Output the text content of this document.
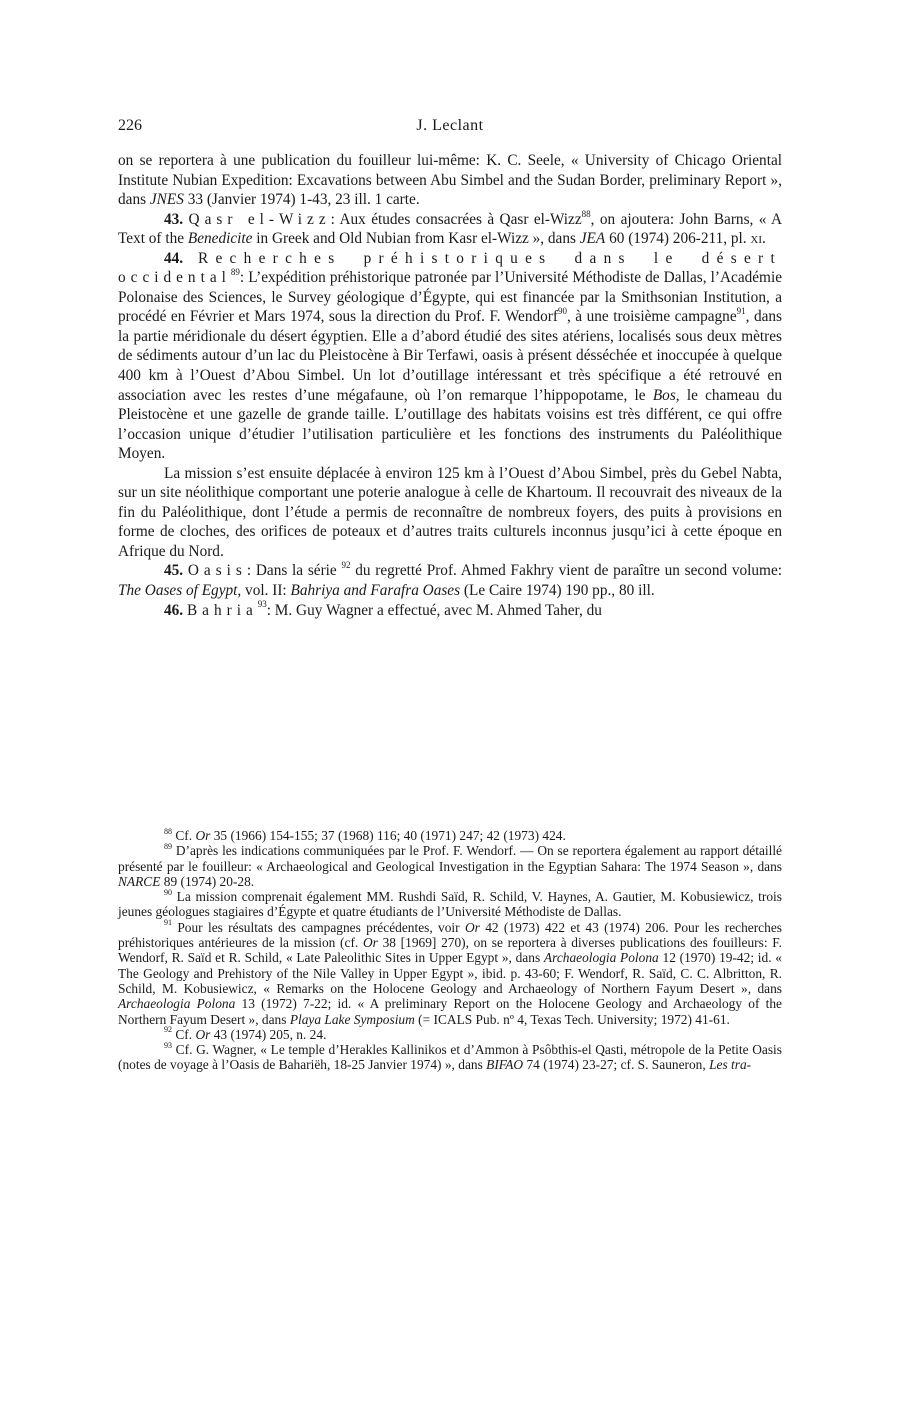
226	J. Leclant

on se reportera à une publication du fouilleur lui-même: K. C. Seele, « University of Chicago Oriental Institute Nubian Expedition: Excavations between Abu Simbel and the Sudan Border, preliminary Report », dans JNES 33 (Janvier 1974) 1-43, 23 ill. 1 carte.

43. Qasr el-Wizz: Aux études consacrées à Qasr el-Wizz$^{88}$, on ajoutera: John Barns, « A Text of the Benedicite in Greek and Old Nubian from Kasr el-Wizz », dans JEA 60 (1974) 206-211, pl. xi.

44. Recherches préhistoriques dans le désert occidental$^{89}$: L’expédition préhistorique patronée par l’Université Méthodiste de Dallas, l’Académie Polonaise des Sciences, le Survey géologique d’Égypte, qui est financée par la Smithsonian Institution, a procédé en Février et Mars 1974, sous la direction du Prof. F. Wendorf$^{90}$, à une troisième campagne$^{91}$, dans la partie méridionale du désert égyptien. Elle a d’abord étudié des sites atériens, localisés sous deux mètres de sédiments autour d’un lac du Pleistocène à Bir Terfawi, oasis à présent désséchée et inoccupée à quelque 400 km à l’Ouest d’Abou Simbel. Un lot d’outillage intéressant et très spécifique a été retrouvé en association avec les restes d’une mégafaune, où l’on remarque l’hippopotame, le Bos, le chameau du Pleistocène et une gazelle de grande taille. L’outillage des habitats voisins est très différent, ce qui offre l’occasion unique d’étudier l’utilisation particulière et les fonctions des instruments du Paléolithique Moyen.

La mission s’est ensuite déplacée à environ 125 km à l’Ouest d’Abou Simbel, près du Gebel Nabta, sur un site néolithique comportant une poterie analogue à celle de Khartoum. Il recouvrait des niveaux de la fin du Paléolithique, dont l’étude a permis de reconnaître de nombreux foyers, des puits à provisions en forme de cloches, des orifices de poteaux et d’autres traits culturels inconnus jusqu’ici à cette époque en Afrique du Nord.

45. Oasis: Dans la série $^{92}$ du regretté Prof. Ahmed Fakhry vient de paraître un second volume: The Oases of Egypt, vol. II: Bahriya and Farafra Oases (Le Caire 1974) 190 pp., 80 ill.

46. Bahria$^{93}$: M. Guy Wagner a effectué, avec M. Ahmed Taher, du

$^{88}$ Cf. Or 35 (1966) 154-155; 37 (1968) 116; 40 (1971) 247; 42 (1973) 424.

$^{89}$ D’après les indications communiquées par le Prof. F. Wendorf. — On se reportera également au rapport détaillé présenté par le fouilleur: « Archaeological and Geological Investigation in the Egyptian Sahara: The 1974 Season », dans NARCE 89 (1974) 20-28.

$^{90}$ La mission comprenait également MM. Rushdi Saïd, R. Schild, V. Haynes, A. Gautier, M. Kobusiewicz, trois jeunes géologues stagiaires d’Égypte et quatre étudiants de l’Université Méthodiste de Dallas.

$^{91}$ Pour les résultats des campagnes précédentes, voir Or 42 (1973) 422 et 43 (1974) 206. Pour les recherches préhistoriques antérieures de la mission (cf. Or 38 [1969] 270), on se reportera à diverses publications des fouilleurs: F. Wendorf, R. Saïd et R. Schild, « Late Paleolithic Sites in Upper Egypt », dans Archaeologia Polona 12 (1970) 19-42; id. « The Geology and Prehistory of the Nile Valley in Upper Egypt », ibid. p. 43-60; F. Wendorf, R. Saïd, C. C. Albritton, R. Schild, M. Kobusiewicz, « Remarks on the Holocene Geology and Archaeology of Northern Fayum Desert », dans Archaeologia Polona 13 (1972) 7-22; id. « A preliminary Report on the Holocene Geology and Archaeology of the Northern Fayum Desert », dans Playa Lake Symposium (= ICALS Pub. nº 4, Texas Tech. University; 1972) 41-61.

$^{92}$ Cf. Or 43 (1974) 205, n. 24.

$^{93}$ Cf. G. Wagner, « Le temple d’Herakles Kallinikos et d’Ammon à Psôbthis-el Qasti, métropole de la Petite Oasis (notes de voyage à l’Oasis de Bahariëh, 18-25 Janvier 1974) », dans BIFAO 74 (1974) 23-27; cf. S. Sauneron, Les tra-
